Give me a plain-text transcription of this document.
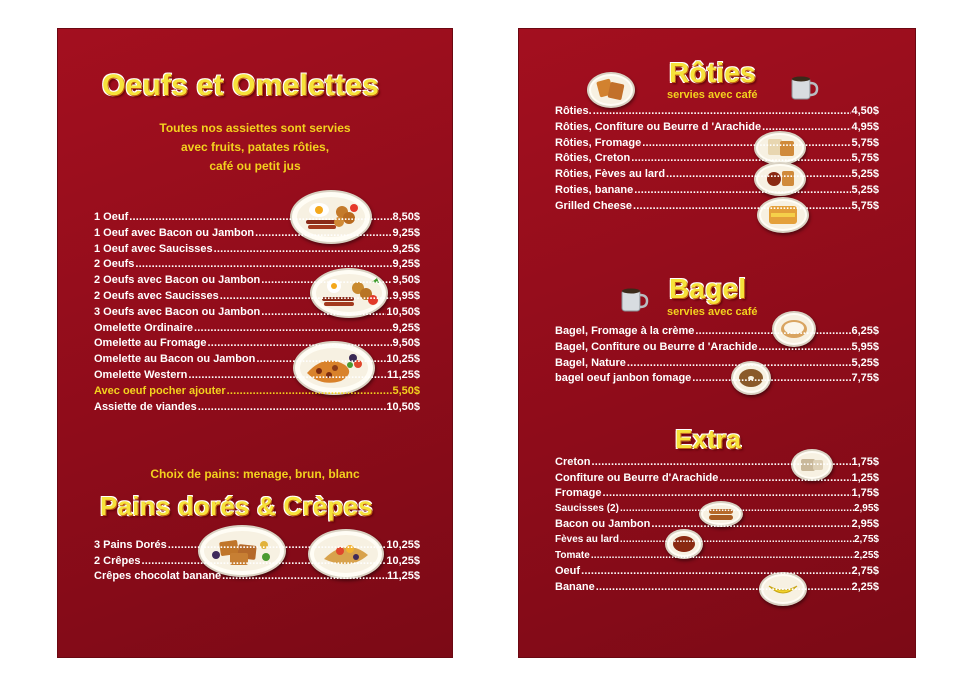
Oeufs et Omelettes
Toutes nos assiettes sont servies
avec fruits, patates rôties,
café ou petit jus
Choix de pains: menage, brun, blanc
Pains dorés & Crèpes
1 Oeuf .....	8,50$
1 Oeuf avec Bacon ou Jambon .....	9,25$
1 Oeuf avec Saucisses .....	9,25$
2 Oeufs .....	9,25$
2 Oeufs avec Bacon ou Jambon .....	9,50$
2 Oeufs avec Saucisses .....	9,95$
3 Oeufs avec Bacon ou Jambon .....	10,50$
Omelette Ordinaire .....	9,25$
Omelette au Fromage .....	9,50$
Omelette au Bacon ou Jambon .....	10,25$
Omelette Western .....	11,25$
Avec oeuf pocher ajouter .....	5,50$
Assiette de viandes .....	10,50$
3 Pains Dorés .....	10,25$
2 Crêpes .....	10,25$
Crêpes chocolat banane .....	11,25$
Rôties
servies avec café
Bagel
servies avec café
Extra
Rôties. .....	4,50$
Rôties, Confiture ou Beurre d 'Arachide .....	4,95$
Rôties, Fromage .....	5,75$
Rôties, Creton .....	5,75$
Rôties, Fèves au lard .....	5,25$
Roties, banane .....	5,25$
Grilled Cheese .....	5,75$
Bagel, Fromage à la crème .....	6,25$
Bagel, Confiture ou Beurre d 'Arachide .....	5,95$
Bagel, Nature .....	5,25$
bagel oeuf janbon fomage .....	7,75$
Creton .....	1,75$
Confiture ou Beurre d'Arachide .....	1,25$
Fromage .....	1,75$
Saucisses (2) .....	2,95$
Bacon ou Jambon .....	2,95$
Fèves au lard .....	2,75$
Tomate .....	2,25$
Oeuf .....	2,75$
Banane .....	2,25$
